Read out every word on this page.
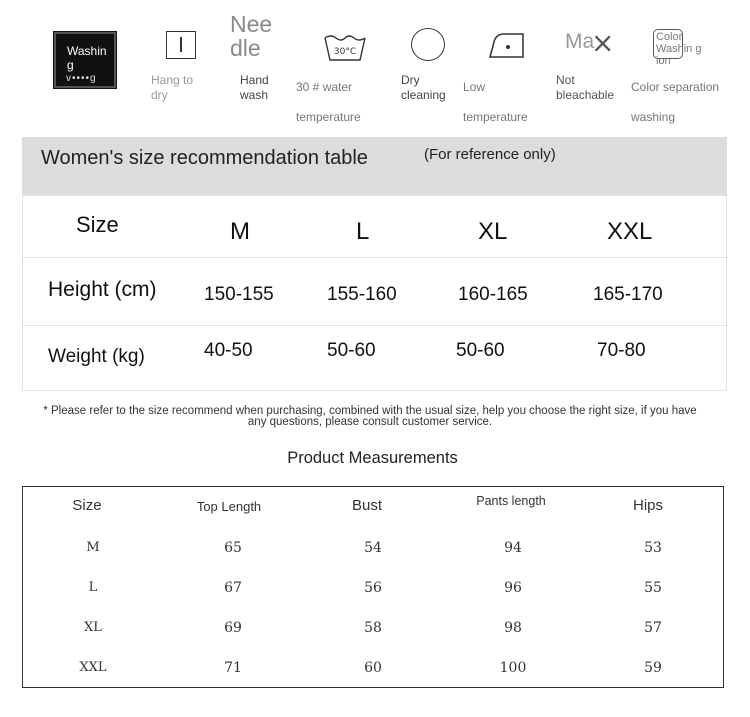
Washin g
v••••g	Hang to
dry
Nee
dle
Hand
wash
30°C
30 # water

temperature
Dry
cleaning
Low

temperature
Ma
⨯
Not
bleachable
Color Washin g ion
Color separation

washing
Women's size recommendation table	(For reference only)
Size	M	L	XL	XXL
Height (cm) 150-155	155-160	160-165	165-170
Weight (kg)	40-50	50-60	50-60	70-80
* Please refer to the size recommend when purchasing, combined with the usual size, help you choose the right size, if you have any questions, please consult customer service.
Product Measurements
Size	Top Length	Bust	Pants length	Hips
M	65	54	94	53
L	67	56	96	55
XL	69	58	98	57
XXL	71	60	100	59
